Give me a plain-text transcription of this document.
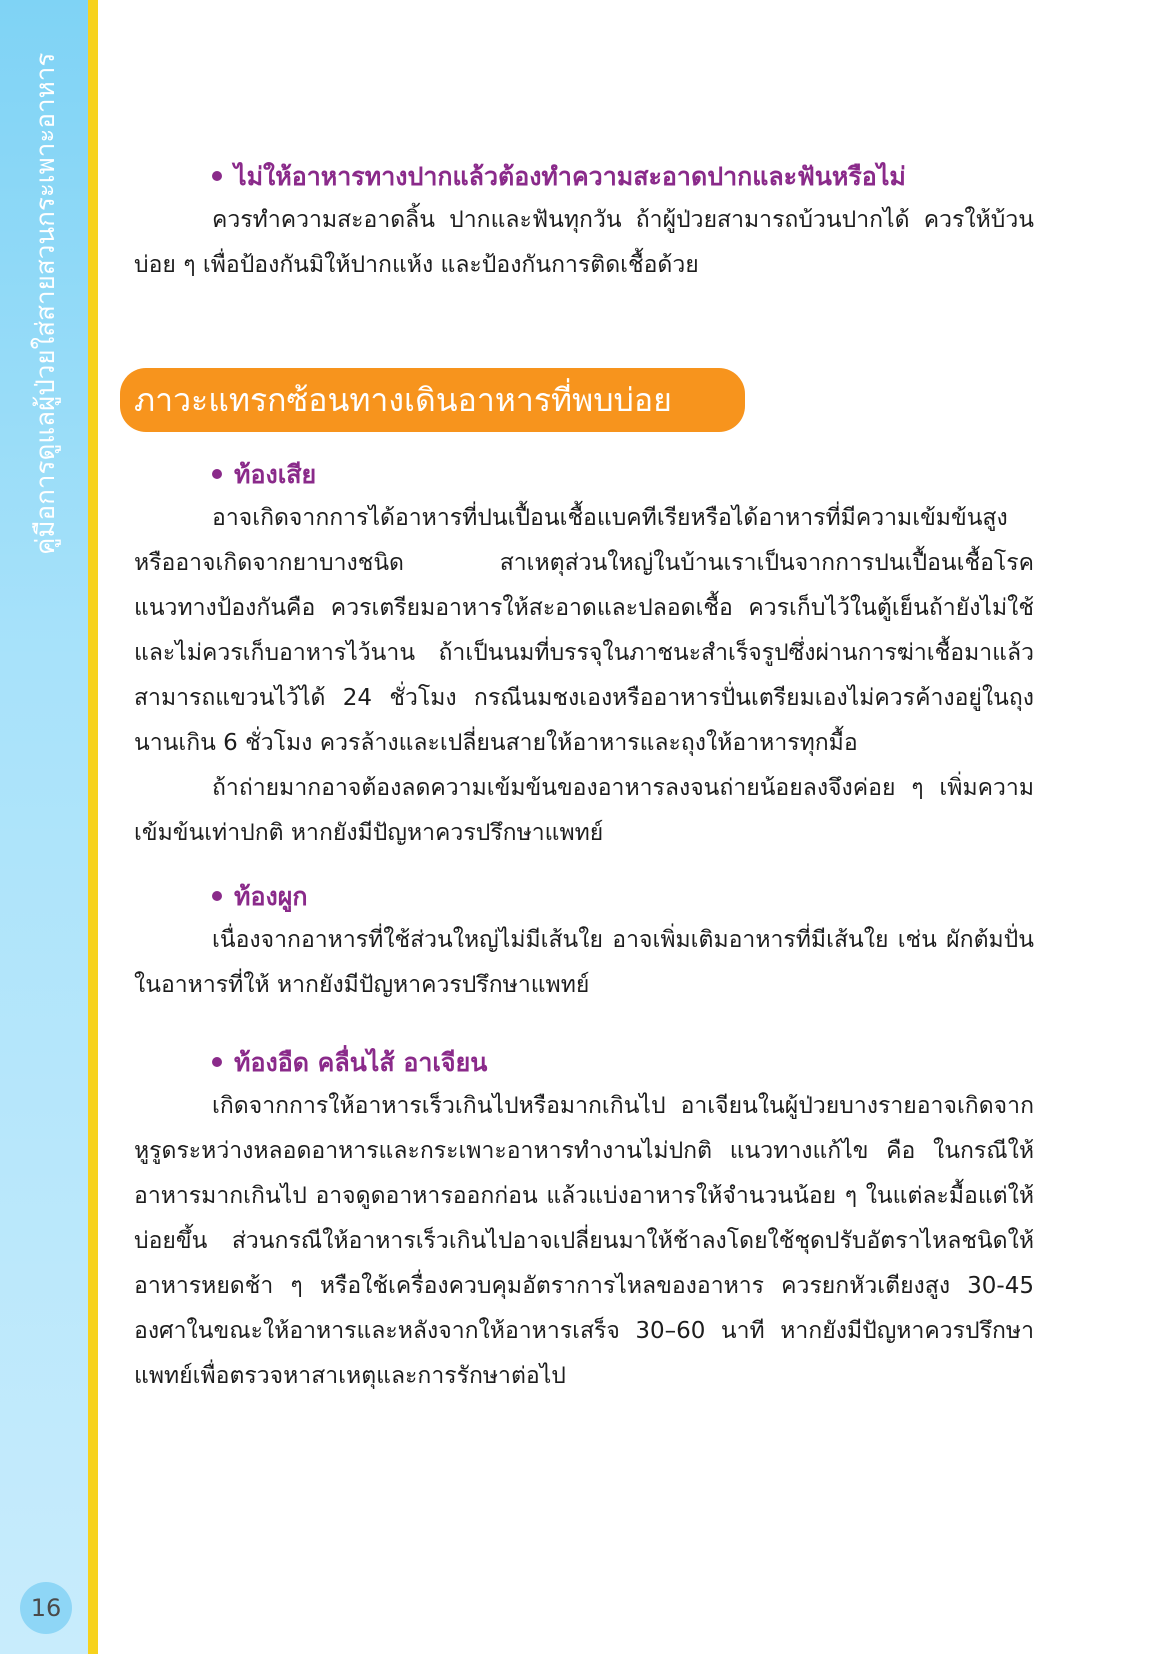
คู่มือการดูแลผู้ป่วยใส่สายสวนกระเพาะอาหาร
16
ไม่ให้อาหารทางปากแล้วต้องทำความสะอาดปากและฟันหรือไม่

ควรทำความสะอาดลิ้น ปากและฟันทุกวัน ถ้าผู้ป่วยสามารถบ้วนปากได้ ควรให้บ้วนบ่อย ๆ เพื่อป้องกันมิให้ปากแห้ง และป้องกันการติดเชื้อด้วย

ภาวะแทรกซ้อนทางเดินอาหารที่พบบ่อย
ท้องเสีย

อาจเกิดจากการได้อาหารที่ปนเปื้อนเชื้อแบคทีเรียหรือได้อาหารที่มีความเข้มข้นสูงหรืออาจเกิดจากยาบางชนิด สาเหตุส่วนใหญ่ในบ้านเราเป็นจากการปนเปื้อนเชื้อโรค แนวทางป้องกันคือ ควรเตรียมอาหารให้สะอาดและปลอดเชื้อ ควรเก็บไว้ในตู้เย็นถ้ายังไม่ใช้และไม่ควรเก็บอาหารไว้นาน ถ้าเป็นนมที่บรรจุในภาชนะสำเร็จรูปซึ่งผ่านการฆ่าเชื้อมาแล้วสามารถแขวนไว้ได้ 24 ชั่วโมง กรณีนมชงเองหรืออาหารปั่นเตรียมเองไม่ควรค้างอยู่ในถุงนานเกิน 6 ชั่วโมง ควรล้างและเปลี่ยนสายให้อาหารและถุงให้อาหารทุกมื้อ

ถ้าถ่ายมากอาจต้องลดความเข้มข้นของอาหารลงจนถ่ายน้อยลงจึงค่อย ๆ เพิ่มความเข้มข้นเท่าปกติ หากยังมีปัญหาควรปรึกษาแพทย์

ท้องผูก

เนื่องจากอาหารที่ใช้ส่วนใหญ่ไม่มีเส้นใย อาจเพิ่มเติมอาหารที่มีเส้นใย เช่น ผักต้มปั่นในอาหารที่ให้ หากยังมีปัญหาควรปรึกษาแพทย์

ท้องอืด คลื่นไส้ อาเจียน

เกิดจากการให้อาหารเร็วเกินไปหรือมากเกินไป อาเจียนในผู้ป่วยบางรายอาจเกิดจากหูรูดระหว่างหลอดอาหารและกระเพาะอาหารทำงานไม่ปกติ แนวทางแก้ไข คือ ในกรณีให้อาหารมากเกินไป อาจดูดอาหารออกก่อน แล้วแบ่งอาหารให้จำนวนน้อย ๆ ในแต่ละมื้อแต่ให้บ่อยขึ้น ส่วนกรณีให้อาหารเร็วเกินไปอาจเปลี่ยนมาให้ช้าลงโดยใช้ชุดปรับอัตราไหลชนิดให้อาหารหยดช้า ๆ หรือใช้เครื่องควบคุมอัตราการไหลของอาหาร ควรยกหัวเตียงสูง 30-45 องศาในขณะให้อาหารและหลังจากให้อาหารเสร็จ 30–60 นาที หากยังมีปัญหาควรปรึกษาแพทย์เพื่อตรวจหาสาเหตุและการรักษาต่อไป
